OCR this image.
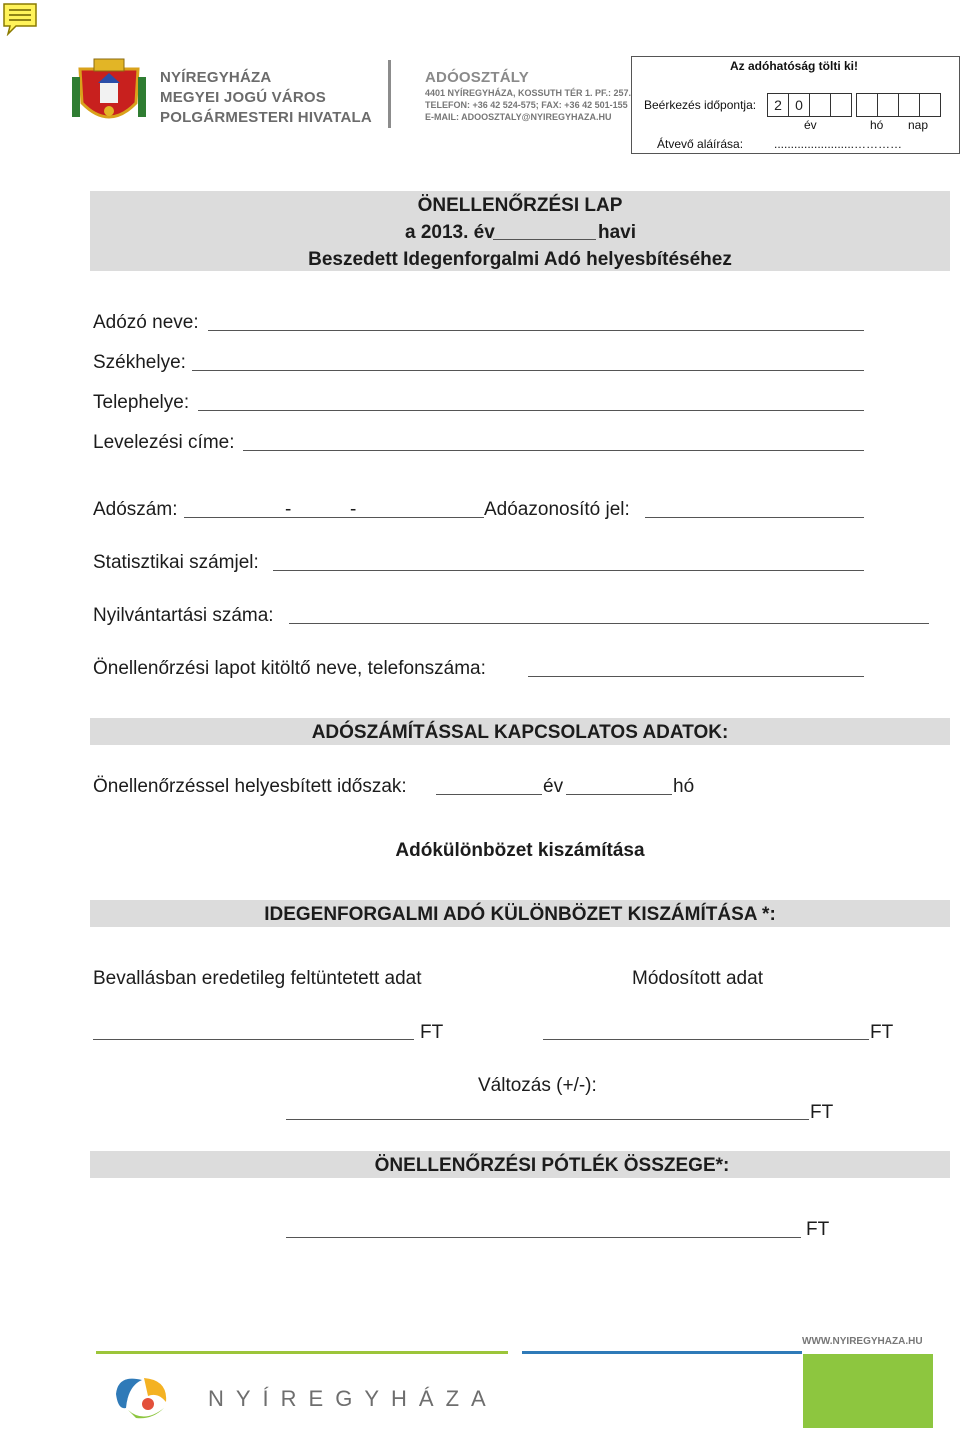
NYÍREGYHÁZA
MEGYEI JOGÚ VÁROS
POLGÁRMESTERI HIVATALA
ADÓOSZTÁLY
4401 NYÍREGYHÁZA, KOSSUTH TÉR 1. PF.: 257.
TELEFON: +36 42 524-575; FAX: +36 42 501-155
E-MAIL: ADOOSZTALY@NYIREGYHAZA.HU
Az adóhatóság tölti ki!
Beérkezés időpontja:
év	hó nap
Átvevő aláírása:	........................…………
2 0
ÖNELLENŐRZÉSI LAP
a 2013. év	havi
Beszedett Idegenforgalmi Adó helyesbítéséhez
Adózó neve:
Székhelye:
Telephelye:
Levelezési címe:
Adószám:	-	-	Adóazonosító jel:
Statisztikai számjel:
Nyilvántartási száma:
Önellenőrzési lapot kitöltő neve, telefonszáma:
ADÓSZÁMÍTÁSSAL KAPCSOLATOS ADATOK:
Önellenőrzéssel helyesbített időszak:	év	hó
Adókülönbözet kiszámítása
IDEGENFORGALMI ADÓ KÜLÖNBÖZET KISZÁMÍTÁSA *:
Bevallásban eredetileg feltüntetett adat	Módosított adat
FT	FT
Változás (+/-):
FT
ÖNELLENŐRZÉSI PÓTLÉK ÖSSZEGE*:
FT
WWW.NYIREGYHAZA.HU
NYÍREGYHÁZA
